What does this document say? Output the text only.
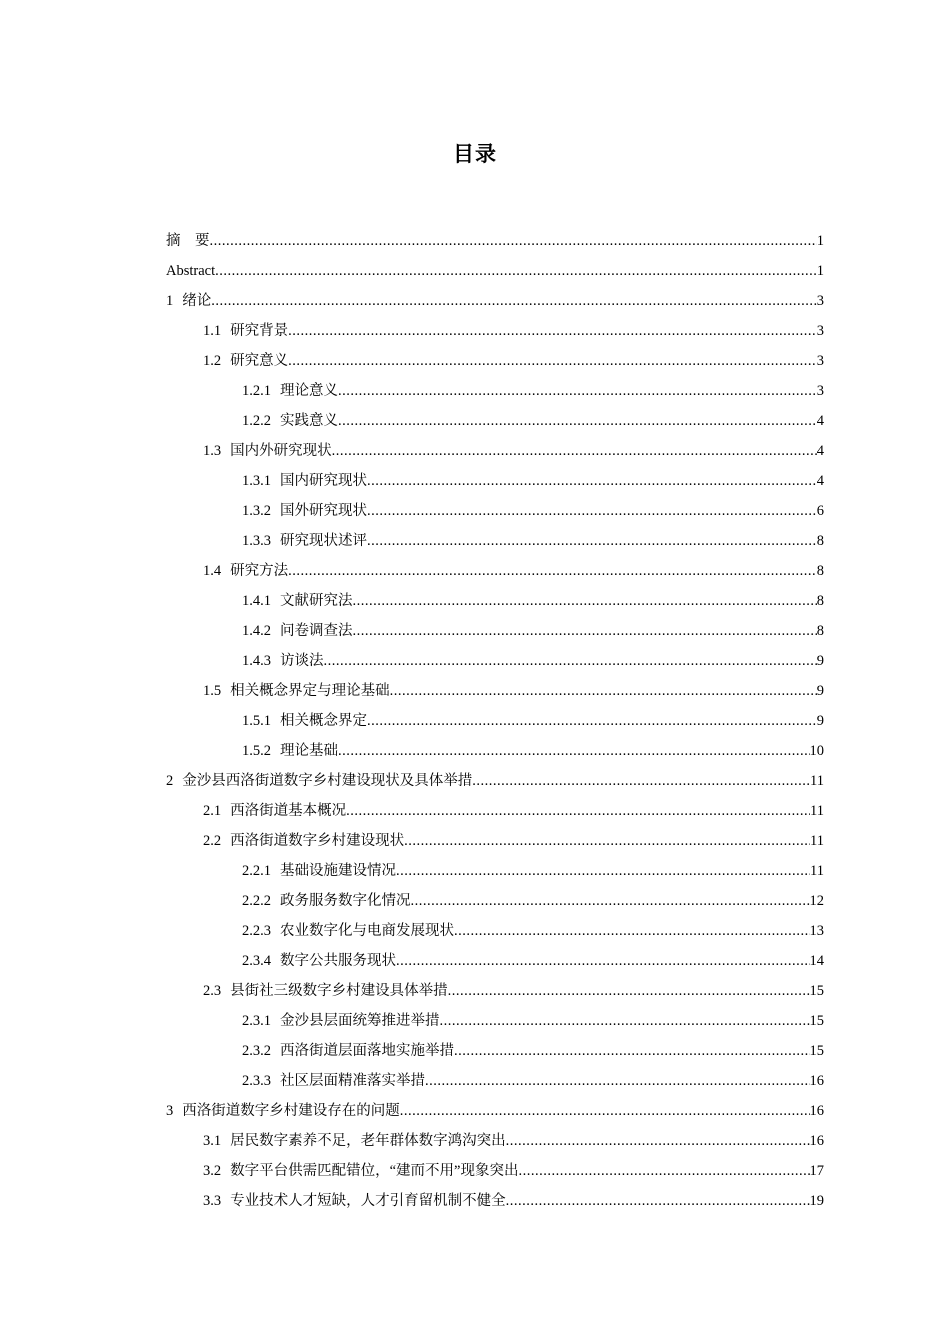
目录
摘　要 .....	1
Abstract .....	1
1 绪论 .....	3
1.1 研究背景 .....	3
1.2 研究意义 .....	3
1.2.1 理论意义 .....	3
1.2.2 实践意义 .....	4
1.3 国内外研究现状 .....	4
1.3.1 国内研究现状 .....	4
1.3.2 国外研究现状 .....	6
1.3.3 研究现状述评 .....	8
1.4 研究方法 .....	8
1.4.1 文献研究法 .....	8
1.4.2 问卷调查法 .....	8
1.4.3 访谈法 .....	9
1.5 相关概念界定与理论基础 .....	9
1.5.1 相关概念界定 .....	9
1.5.2 理论基础 .....	10
2 金沙县西洛街道数字乡村建设现状及具体举措 .....	11
2.1 西洛街道基本概况 .....	11
2.2 西洛街道数字乡村建设现状 .....	11
2.2.1 基础设施建设情况 .....	11
2.2.2 政务服务数字化情况 .....	12
2.2.3 农业数字化与电商发展现状 .....	13
2.3.4 数字公共服务现状 .....	14
2.3 县街社三级数字乡村建设具体举措 .....	15
2.3.1 金沙县层面统筹推进举措 .....	15
2.3.2 西洛街道层面落地实施举措 .....	15
2.3.3 社区层面精准落实举措 .....	16
3 西洛街道数字乡村建设存在的问题 .....	16
3.1 居民数字素养不足，老年群体数字鸿沟突出 .....	16
3.2 数字平台供需匹配错位，“建而不用”现象突出 .....	17
3.3 专业技术人才短缺，人才引育留机制不健全 .....	19
